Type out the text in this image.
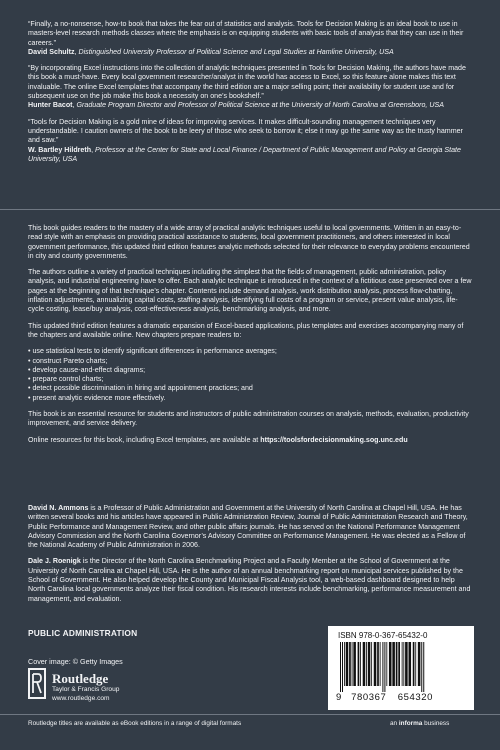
“Finally, a no-nonsense, how-to book that takes the fear out of statistics and analysis. Tools for Decision Making is an ideal book to use in masters-level research methods classes where the emphasis is on equipping students with basic tools of analysis that they can use in their careers.”

David Schultz, Distinguished University Professor of Political Science and Legal Studies at Hamline University, USA

“By incorporating Excel instructions into the collection of analytic techniques presented in Tools for Decision Making, the authors have made this book a must-have. Every local government researcher/analyst in the world has access to Excel, so this feature alone makes this text invaluable. The online Excel templates that accompany the third edition are a major selling point; their availability for student use and for subsequent use on the job make this book a necessity on one’s bookshelf.”

Hunter Bacot, Graduate Program Director and Professor of Political Science at the University of North Carolina at Greensboro, USA

“Tools for Decision Making is a gold mine of ideas for improving services. It makes difficult-sounding management techniques very understandable. I caution owners of the book to be leery of those who seek to borrow it; else it may go the same way as the trusty hammer and saw.”

W. Bartley Hildreth, Professor at the Center for State and Local Finance / Department of Public Management and Policy at Georgia State University, USA

This book guides readers to the mastery of a wide array of practical analytic techniques useful to local governments. Written in an easy-to-read style with an emphasis on providing practical assistance to students, local government practitioners, and others interested in local government performance, this updated third edition features analytic methods selected for their relevance to everyday problems encountered in city and county governments.

The authors outline a variety of practical techniques including the simplest that the fields of management, public administration, policy analysis, and industrial engineering have to offer. Each analytic technique is introduced in the context of a fictitious case presented over a few pages at the beginning of that technique’s chapter. Contents include demand analysis, work distribution analysis, process flow-charting, inflation adjustments, annualizing capital costs, staffing analysis, identifying full costs of a program or service, present value analysis, life-cycle costing, lease/buy analysis, cost-effectiveness analysis, benchmarking analysis, and more.

This updated third edition features a dramatic expansion of Excel-based applications, plus templates and exercises accompanying many of the chapters and available online. New chapters prepare readers to:

• use statistical tests to identify significant differences in performance averages;
• construct Pareto charts;
• develop cause-and-effect diagrams;
• prepare control charts;
• detect possible discrimination in hiring and appointment practices; and
• present analytic evidence more effectively.

This book is an essential resource for students and instructors of public administration courses on analysis, methods, evaluation, productivity improvement, and service delivery.

Online resources for this book, including Excel templates, are available at https://toolsfordecisionmaking.sog.unc.edu

David N. Ammons is a Professor of Public Administration and Government at the University of North Carolina at Chapel Hill, USA. He has written several books and his articles have appeared in Public Administration Review, Journal of Public Administration Research and Theory, Public Performance and Management Review, and other public affairs journals. He has served on the National Performance Management Advisory Commission and the North Carolina Governor’s Advisory Committee on Performance Management. He was elected as a Fellow of the National Academy of Public Administration in 2006.

Dale J. Roenigk is the Director of the North Carolina Benchmarking Project and a Faculty Member at the School of Government at the University of North Carolina at Chapel Hill, USA. He is the author of an annual benchmarking report on municipal services published by the School of Government. He also helped develop the County and Municipal Fiscal Analysis tool, a web-based dashboard designed to help North Carolina local governments analyze their fiscal condition. His research interests include benchmarking, performance measurement and management, and evaluation.

PUBLIC ADMINISTRATION
Cover image: © Getty Images
Routledge
Taylor & Francis Group
www.routledge.com
ISBN 978-0-367-65432-0
9 780367 654320
Routledge titles are available as eBook editions in a range of digital formats	an informa business
